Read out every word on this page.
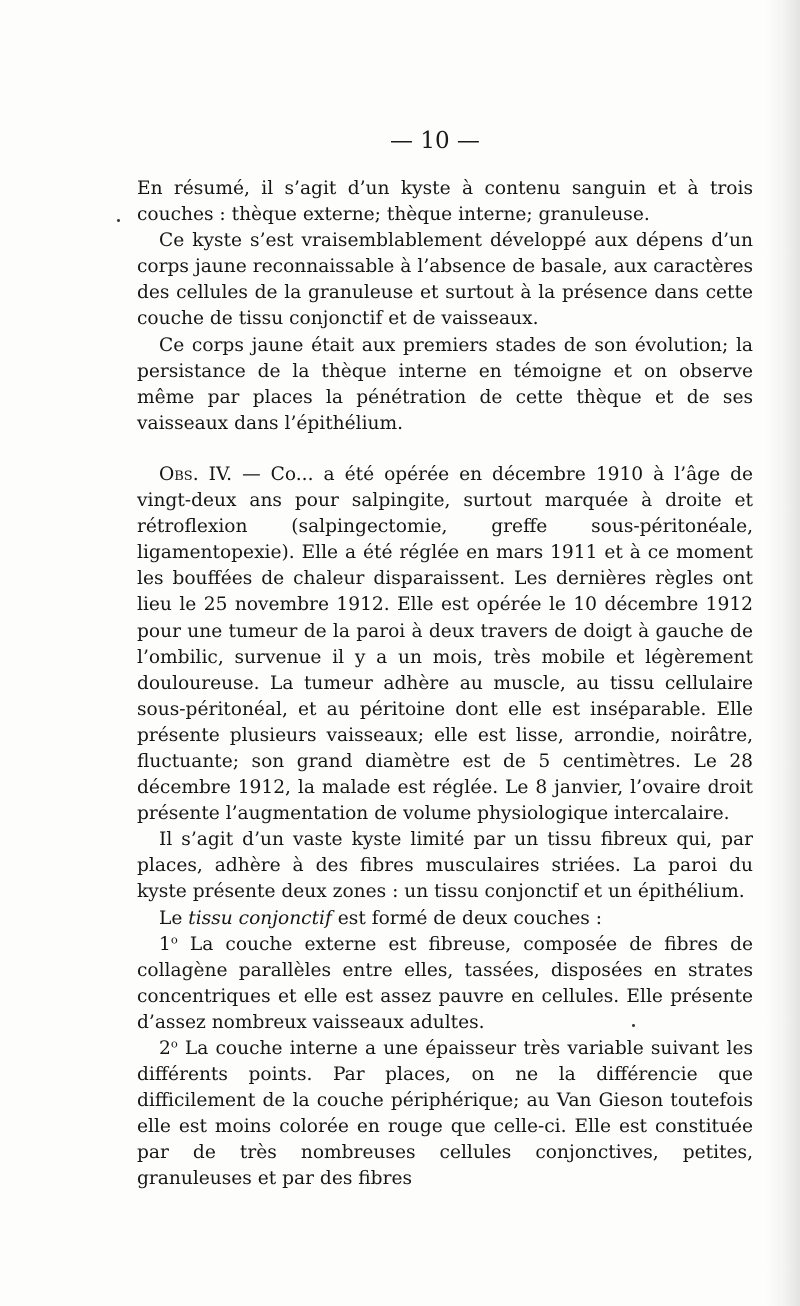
— 10 —

En résumé, il s’agit d’un kyste à contenu sanguin et à trois couches : thèque externe; thèque interne; granuleuse.

Ce kyste s’est vraisemblablement développé aux dépens d’un corps jaune reconnaissable à l’absence de basale, aux caractères des cellules de la granuleuse et surtout à la présence dans cette couche de tissu conjonctif et de vaisseaux.

Ce corps jaune était aux premiers stades de son évolution; la persistance de la thèque interne en témoigne et on observe même par places la pénétration de cette thèque et de ses vaisseaux dans l’épithélium.

Obs. IV. — Co... a été opérée en décembre 1910 à l’âge de vingt-deux ans pour salpingite, surtout marquée à droite et rétroflexion (salpingectomie, greffe sous-péritonéale, ligamentopexie). Elle a été réglée en mars 1911 et à ce moment les bouffées de chaleur disparaissent. Les dernières règles ont lieu le 25 novembre 1912. Elle est opérée le 10 décembre 1912 pour une tumeur de la paroi à deux travers de doigt à gauche de l’ombilic, survenue il y a un mois, très mobile et légèrement douloureuse. La tumeur adhère au muscle, au tissu cellulaire sous-péritonéal, et au péritoine dont elle est inséparable. Elle présente plusieurs vaisseaux; elle est lisse, arrondie, noirâtre, fluctuante; son grand diamètre est de 5 centimètres. Le 28 décembre 1912, la malade est réglée. Le 8 janvier, l’ovaire droit présente l’augmentation de volume physiologique intercalaire.

Il s’agit d’un vaste kyste limité par un tissu fibreux qui, par places, adhère à des fibres musculaires striées. La paroi du kyste présente deux zones : un tissu conjonctif et un épithélium.

Le tissu conjonctif est formé de deux couches :

1$^o$ La couche externe est fibreuse, composée de fibres de collagène parallèles entre elles, tassées, disposées en strates concentriques et elle est assez pauvre en cellules. Elle présente d’assez nombreux vaisseaux adultes.

2$^o$ La couche interne a une épaisseur très variable suivant les différents points. Par places, on ne la différencie que difficilement de la couche périphérique; au Van Gieson toutefois elle est moins colorée en rouge que celle-ci. Elle est constituée par de très nombreuses cellules conjonctives, petites, granuleuses et par des fibres
